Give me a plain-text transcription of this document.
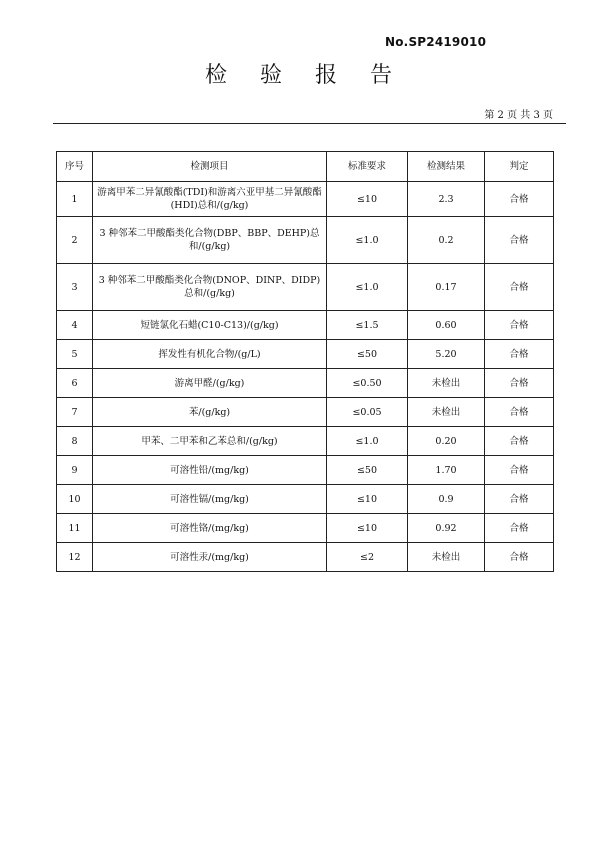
No.SP2419010
检 验 报 告
第 2 页 共 3 页
序号	检测项目	标准要求	检测结果	判定
1	游离甲苯二异氰酸酯(TDI)和游离六亚甲基二异氰酸酯(HDI)总和/(g/kg)	≤10	2.3	合格
2	3 种邻苯二甲酸酯类化合物(DBP、BBP、DEHP)总和/(g/kg)	≤1.0	0.2	合格
3	3 种邻苯二甲酸酯类化合物(DNOP、DINP、DIDP)总和/(g/kg)	≤1.0	0.17	合格
4	短链氯化石蜡(C10-C13)/(g/kg)	≤1.5	0.60	合格
5	挥发性有机化合物/(g/L)	≤50	5.20	合格
6	游离甲醛/(g/kg)	≤0.50	未检出	合格
7	苯/(g/kg)	≤0.05	未检出	合格
8	甲苯、二甲苯和乙苯总和/(g/kg)	≤1.0	0.20	合格
9	可溶性铅/(mg/kg)	≤50	1.70	合格
10	可溶性镉/(mg/kg)	≤10	0.9	合格
11	可溶性铬/(mg/kg)	≤10	0.92	合格
12	可溶性汞/(mg/kg)	≤2	未检出	合格
